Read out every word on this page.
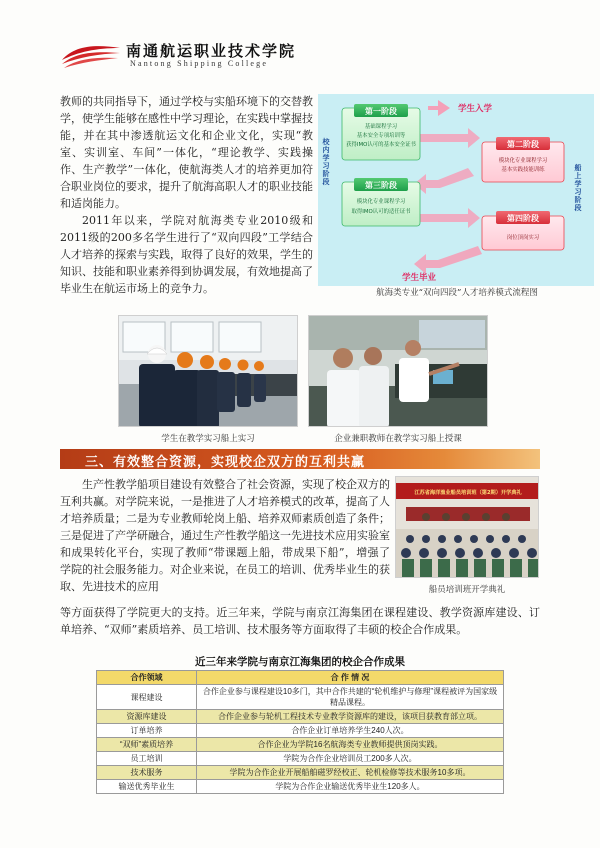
南通航运职业技术学院
Nantong Shipping College

教师的共同指导下，通过学校与实船环境下的交替教学，使学生能够在感性中学习理论，在实践中掌握技能，并在其中渗透航运文化和企业文化，实现“教室、实训室、车间”一体化，“理论教学、实践操作、生产教学”一体化，使航海类人才的培养更加符合职业岗位的要求，提升了航海高职人才的职业技能和适岗能力。

2011年以来，学院对航海类专业2010级和2011级的200多名学生进行了“双向四段”工学结合人才培养的探索与实践，取得了良好的效果，学生的知识、技能和职业素养得到协调发展，有效地提高了毕业生在航运市场上的竞争力。

第一阶段
基础课程学习
基本安全专项培训等
获得IMO认可的基本安全证书	第二阶段
模块化专业课程学习
基本实践技能训练
第三阶段
模块化专业课程学习
取得IMO认可的适任证书
第四阶段
岗位顶岗实习
学生入学
学生毕业
校内学习阶段
船上学习阶段
航海类专业“双向四段”人才培养模式流程图
学生在教学实习船上实习	企业兼职教师在教学实习船上授课
三、有效整合资源，实现校企双方的互利共赢

生产性教学船项目建设有效整合了社会资源，实现了校企双方的互利共赢。对学院来说，一是推进了人才培养模式的改革，提高了人才培养质量；二是为专业教师轮岗上船、培养双师素质创造了条件；三是促进了产学研融合，通过生产性教学船这一先进技术应用实验室和成果转化平台，实现了教师“带课题上船，带成果下船”，增强了学院的社会服务能力。对企业来说，在员工的培训、优秀毕业生的获取、先进技术的应用

江苏省海洋渔业船员培训班（第2期）开学典礼
船员培训班开学典礼

等方面获得了学院更大的支持。近三年来，学院与南京江海集团在课程建设、教学资源库建设、订单培养、“双师”素质培养、员工培训、技术服务等方面取得了丰硕的校企合作成果。

近三年来学院与南京江海集团的校企合作成果
合作领域	合 作 情 况
课程建设	合作企业参与课程建设10多门，其中合作共建的“轮机维护与修理”课程被评为国家级精品课程。
资源库建设	合作企业参与轮机工程技术专业教学资源库的建设，该项目获教育部立项。
订单培养	合作企业订单培养学生240人次。
“双师”素质培养	合作企业为学院16名航海类专业教师提供顶岗实践。
员工培训	学院为合作企业培训员工200多人次。
技术服务	学院为合作企业开展船舶磁罗经校正、轮机检修等技术服务10多项。
输送优秀毕业生	学院为合作企业输送优秀毕业生120多人。
